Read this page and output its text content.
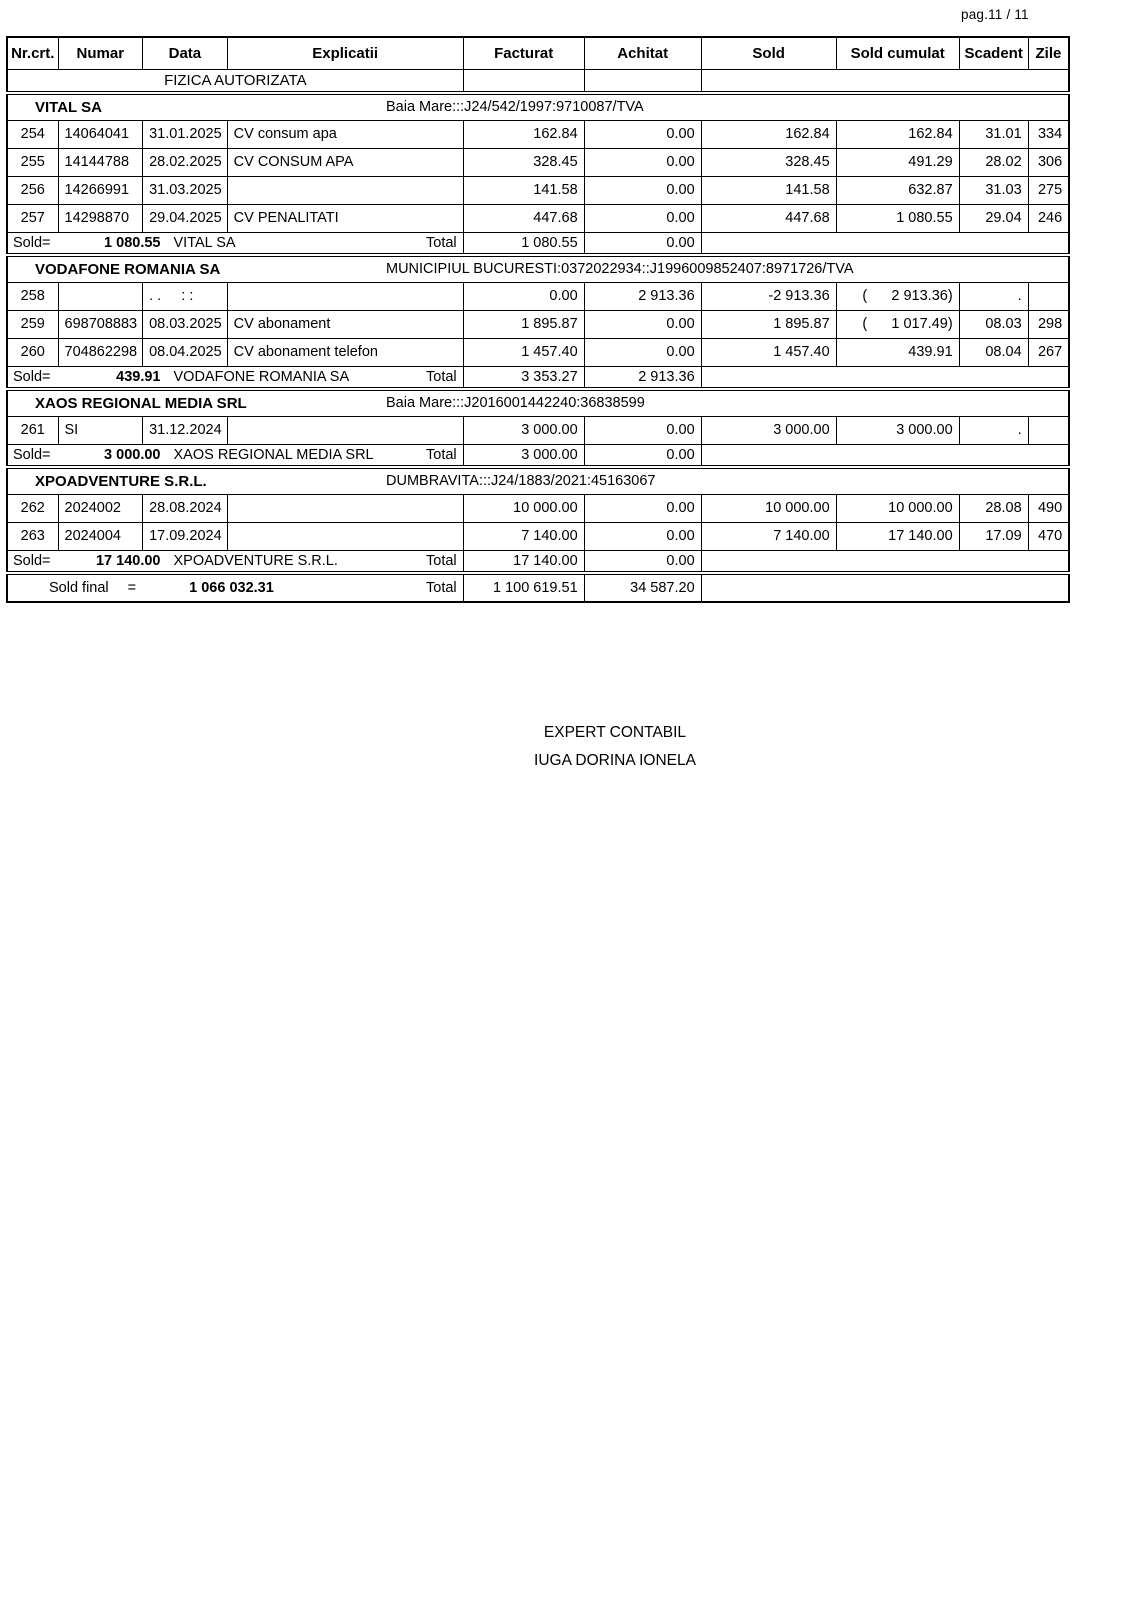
pag.11 / 11
Nr.crt.	Numar	Data	Explicatii	Facturat	Achitat	Sold	Sold cumulat	Scadent	Zile
FIZICA AUTORIZATA									

VITAL SA Baia Mare:::J24/542/1997:9710087/TVA									

254	14064041	31.01.2025	CV consum apa	162.84	0.00	162.84	162.84	31.01	334
255	14144788	28.02.2025	CV CONSUM APA	328.45	0.00	328.45	491.29	28.02	306
256	14266991	31.03.2025		141.58	0.00	141.58	632.87	31.03	275
257	14298870	29.04.2025	CV PENALITATI	447.68	0.00	447.68	1 080.55	29.04	246

Sold= 1 080.55 VITAL SA Total				1 080.55	0.00				

VODAFONE ROMANIA SA MUNICIPIUL BUCURESTI:0372022934::J1996009852407:8971726/TVA									

258		. .     : :		0.00	2 913.36	-2 913.36	(      2 913.36)	.	
259	698708883	08.03.2025	CV abonament	1 895.87	0.00	1 895.87	(      1 017.49)	08.03	298
260	704862298	08.04.2025	CV abonament telefon	1 457.40	0.00	1 457.40	439.91	08.04	267

Sold= 439.91 VODAFONE ROMANIA SA Total				3 353.27	2 913.36				

XAOS REGIONAL MEDIA SRL Baia Mare:::J2016001442240:36838599									

261	SI	31.12.2024		3 000.00	0.00	3 000.00	3 000.00	.	

Sold= 3 000.00 XAOS REGIONAL MEDIA SRL Total				3 000.00	0.00				

XPOADVENTURE S.R.L. DUMBRAVITA:::J24/1883/2021:45163067									

262	2024002	28.08.2024		10 000.00	0.00	10 000.00	10 000.00	28.08	490
263	2024004	17.09.2024		7 140.00	0.00	7 140.00	17 140.00	17.09	470

Sold= 17 140.00 XPOADVENTURE S.R.L. Total				17 140.00	0.00				

Sold final = 1 066 032.31 Total				1 100 619.51	34 587.20				
EXPERT CONTABIL
IUGA DORINA IONELA
